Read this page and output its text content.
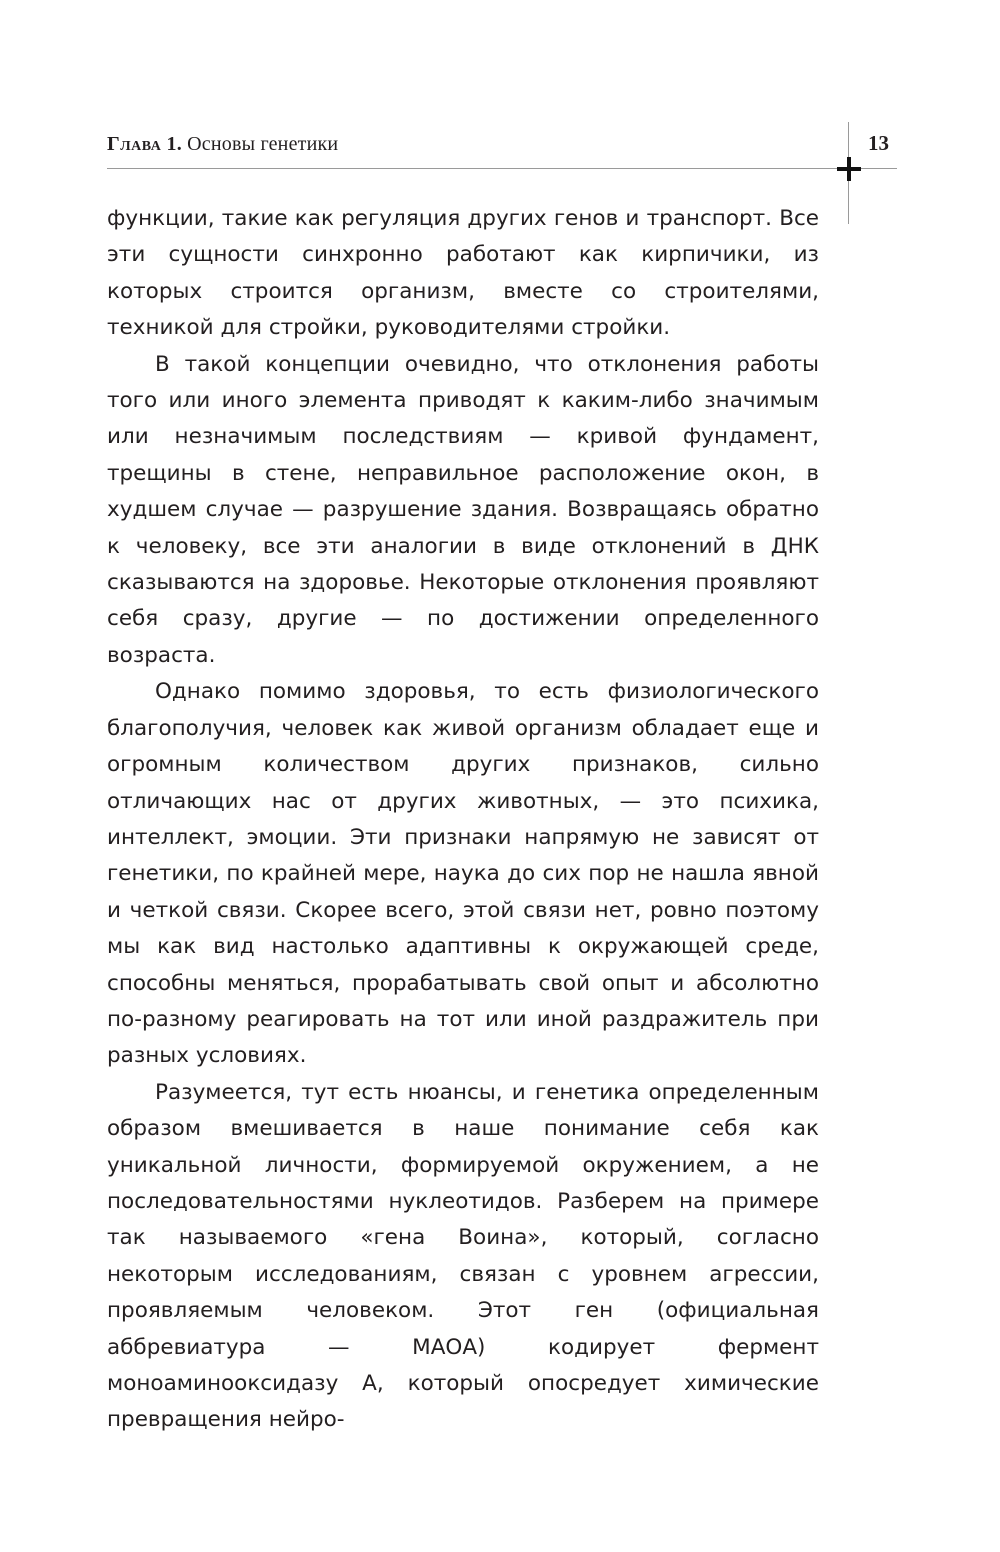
Глава 1. Основы генетики	13

функции, такие как регуляция других генов и транспорт. Все эти сущности синхронно работают как кирпичики, из которых строится организм, вместе со строителями, техникой для стройки, руководителями стройки.

В такой концепции очевидно, что отклонения работы того или иного элемента приводят к каким-либо значимым или незначимым последствиям — кривой фундамент, трещины в стене, неправильное расположение окон, в худшем случае — разрушение здания. Возвращаясь обратно к человеку, все эти аналогии в виде отклонений в ДНК сказываются на здоровье. Некоторые отклонения проявляют себя сразу, другие — по достижении определенного возраста.

Однако помимо здоровья, то есть физиологического благополучия, человек как живой организм обладает еще и огромным количеством других признаков, сильно отличающих нас от других животных, — это психика, интеллект, эмоции. Эти признаки напрямую не зависят от генетики, по крайней мере, наука до сих пор не нашла явной и четкой связи. Скорее всего, этой связи нет, ровно поэтому мы как вид настолько адаптивны к окружающей среде, способны меняться, прорабатывать свой опыт и абсолютно по-разному реагировать на тот или иной раздражитель при разных условиях.

Разумеется, тут есть нюансы, и генетика определенным образом вмешивается в наше понимание себя как уникальной личности, формируемой окружением, а не последовательностями нуклеотидов. Разберем на примере так называемого «гена Воина», который, согласно некоторым исследованиям, связан с уровнем агрессии, проявляемым человеком. Этот ген (официальная аббревиатура — МАОА) кодирует фермент моноаминооксидазу А, который опосредует химические превращения нейро-
